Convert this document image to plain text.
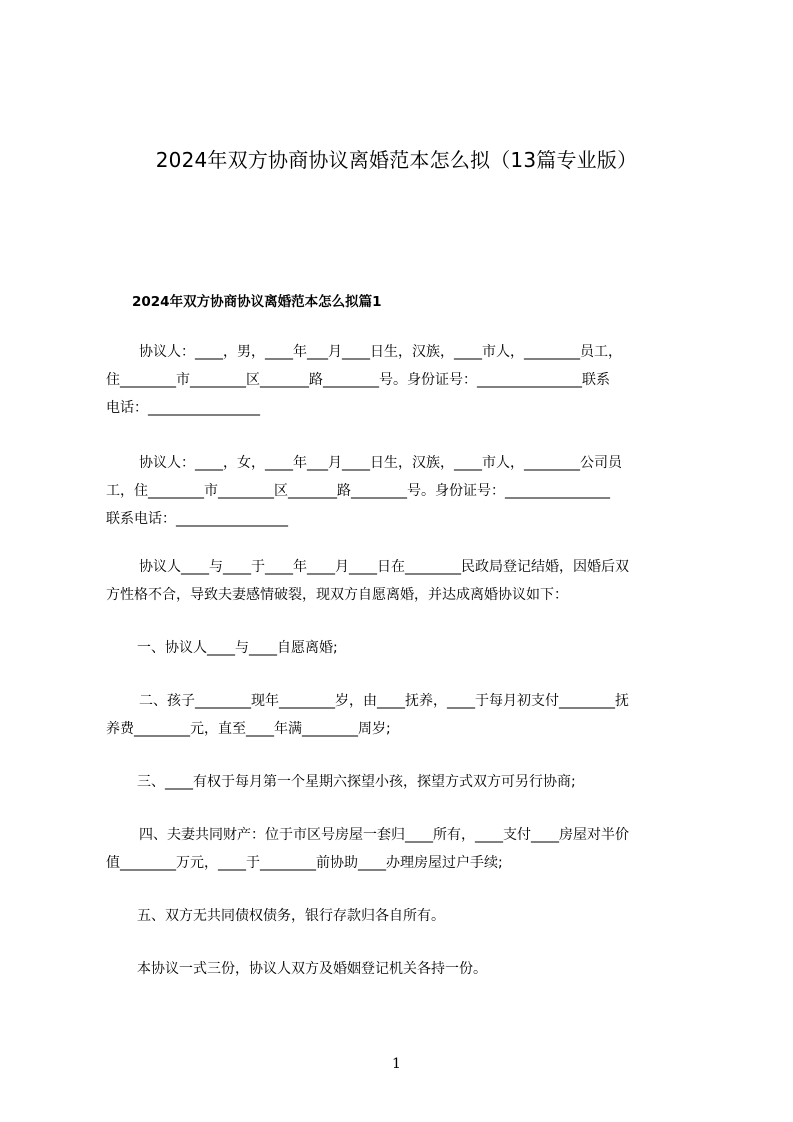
2024年双方协商协议离婚范本怎么拟（13篇专业版）
2024年双方协商协议离婚范本怎么拟篇1
协议人：____，男，____年___月____日生，汉族，____市人，________员工，
住________市________区_______路________号。身份证号：_______________联系
电话：________________
协议人：____，女，____年___月____日生，汉族，____市人，________公司员
工，住________市________区_______路________号。身份证号：_______________
联系电话：________________
协议人____与____于____年____月____日在________民政局登记结婚，因婚后双
方性格不合，导致夫妻感情破裂，现双方自愿离婚，并达成离婚协议如下：
一、协议人____与____自愿离婚;
二、孩子________现年________岁，由____抚养，____于每月初支付________抚
养费________元，直至____年满________周岁;
三、____有权于每月第一个星期六探望小孩，探望方式双方可另行协商;
四、夫妻共同财产：位于市区号房屋一套归____所有，____支付____房屋对半价
值________万元，____于________前协助____办理房屋过户手续;
五、双方无共同债权债务，银行存款归各自所有。
本协议一式三份，协议人双方及婚姻登记机关各持一份。
1
